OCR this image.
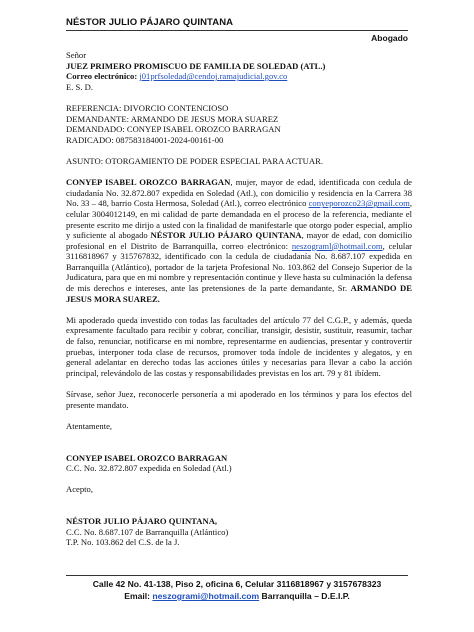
NÉSTOR JULIO PÁJARO QUINTANA
Abogado

Señor

JUEZ PRIMERO PROMISCUO DE FAMILIA DE SOLEDAD (ATL.)

Correo electrónico: j01prfsoledad@cendoj.ramajudicial.gov.co

E. S. D.

REFERENCIA: DIVORCIO CONTENCIOSO

DEMANDANTE: ARMANDO DE JESUS MORA SUAREZ

DEMANDADO: CONYEP ISABEL OROZCO BARRAGAN

RADICADO: 087583184001-2024-00161-00

ASUNTO: OTORGAMIENTO DE PODER ESPECIAL PARA ACTUAR.

CONYEP ISABEL OROZCO BARRAGAN, mujer, mayor de edad, identificada con cedula de ciudadanía No. 32.872.807 expedida en Soledad (Atl.), con domicilio y residencia en la Carrera 38 No. 33 – 48, barrio Costa Hermosa, Soledad (Atl.), correo electrónico conyeporozco23@gmail.com, celular 3004012149, en mi calidad de parte demandada en el proceso de la referencia, mediante el presente escrito me dirijo a usted con la finalidad de manifestarle que otorgo poder especial, amplio y suficiente al abogado NÉSTOR JULIO PÁJARO QUINTANA, mayor de edad, con domicilio profesional en el Distrito de Barranquilla, correo electrónico: neszograml@hotmail.com, celular 3116818967 y 315767832, identificado con la cedula de ciudadanía No. 8.687.107 expedida en Barranquilla (Atlántico), portador de la tarjeta Profesional No. 103.862 del Consejo Superior de la Judicatura, para que en mi nombre y representación continue y lleve hasta su culminación la defensa de mis derechos e intereses, ante las pretensiones de la parte demandante, Sr. ARMANDO DE JESUS MORA SUAREZ.

Mi apoderado queda investido con todas las facultades del artículo 77 del C.G.P., y además, queda expresamente facultado para recibir y cobrar, conciliar, transigir, desistir, sustituir, reasumir, tachar de falso, renunciar, notificarse en mi nombre, representarme en audiencias, presentar y controvertir pruebas, interponer toda clase de recursos, promover toda índole de incidentes y alegatos, y en general adelantar en derecho todas las acciones útiles y necesarias para llevar a cabo la acción principal, relevándolo de las costas y responsabilidades previstas en los art. 79 y 81 ibídem.

Sírvase, señor Juez, reconocerle personería a mi apoderado en los términos y para los efectos del presente mandato.

Atentamente,

CONYEP ISABEL OROZCO BARRAGAN

C.C. No. 32.872.807 expedida en Soledad (Atl.)

Acepto,

NÉSTOR JULIO PÁJARO QUINTANA,

C.C. No. 8.687.107 de Barranquilla (Atlántico)

T.P. No. 103.862 del C.S. de la J.

Calle 42 No. 41-138, Piso 2, oficina 6, Celular 3116818967 y 3157678323
Email: neszogrami@hotmail.com Barranquilla – D.E.I.P.
